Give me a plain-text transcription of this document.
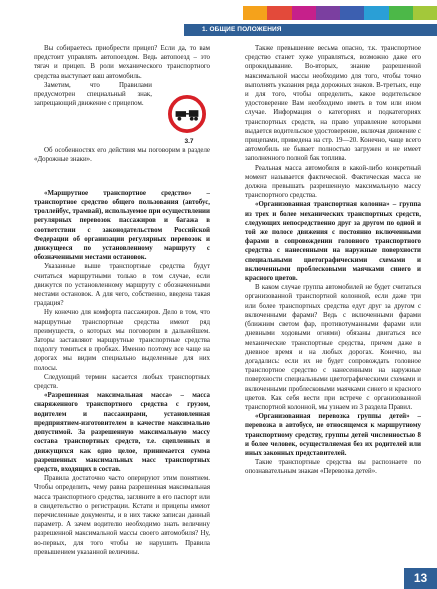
1. ОБЩИЕ ПОЛОЖЕНИЯ

Вы собираетесь приобрести прицеп? Если да, то вам предстоит управлять автопоездом. Ведь автопоезд – это тягач и прицеп. В роли механического транспортного средства выступает ваш автомобиль.

Заметим, что Правилами предусмотрен специальный знак, запрещающий движение с прицепом.

3.7

Об особенностях его действия мы поговорим в разделе «Дорожные знаки».

«Маршрутное транспортное средство» – транспортное средство общего пользования (автобус, троллейбус, трамвай), используемое при осуществлении регулярных перевозок пассажиров и багажа в соответствии с законодательством Российской Федерации об организации регулярных перевозок и движущееся по установленному маршруту с обозначенными местами остановок.

Указанные выше транспортные средства будут считаться маршрутными только в том случае, если движутся по установленному маршруту с обозначенными местами остановок. А для чего, собственно, введена такая градация?

Ну конечно для комфорта пассажиров. Дело в том, что маршрутные транспортные средства имеют ряд преимуществ, о которых мы поговорим в дальнейшем. Заторы заставляют маршрутные транспортные средства подолгу томиться в пробках. Именно поэтому все чаще на дорогах мы видим специально выделенные для них полосы.

Следующий термин касается любых транспортных средств.

«Разрешенная максимальная масса» – масса снаряженного транспортного средства с грузом, водителем и пассажирами, установленная предприятием-изготовителем в качестве максимально допустимой. За разрешенную максимальную массу состава транспортных средств, т.е. сцепленных и движущихся как одно целое, принимается сумма разрешенных максимальных масс транспортных средств, входящих в состав.

Правила достаточно часто оперируют этим понятием. Чтобы определить, чему равна разрешенная максимальная масса транспортного средства, загляните в его паспорт или в свидетельство о регистрации. Кстати и прицепы имеют перечисленные документы, и в них также записан данный параметр. А зачем водителю необходимо знать величину разрешенной максимальной массы своего автомобиля? Ну, во-первых, для того чтобы не нарушить Правила превышением указанной величины.

Также превышение весьма опасно, т.к. транспортное средство станет хуже управляться, возможно даже его опрокидывание. Во-вторых, знание разрешенной максимальной массы необходимо для того, чтобы точно выполнять указания ряда дорожных знаков. В-третьих, еще и для того, чтобы определить, какое водительское удостоверение Вам необходимо иметь в том или ином случае. Информация о категориях и подкатегориях транспортных средств, на право управление которыми выдается водительское удостоверение, включая движение с прицепами, приведена на стр. 19—20. Конечно, чаще всего автомобиль не бывает полностью загружен и не имеет заполненного полной бак топлива.

Реальная масса автомобиля в какой-либо конкретный момент называется фактической. Фактическая масса не должна превышать разрешенную максимальную массу транспортного средства.

«Организованная транспортная колонна» – группа из трех и более механических транспортных средств, следующих непосредственно друг за другом по одной и той же полосе движения с постоянно включенными фарами в сопровождении головного транспортного средства с нанесенными на наружные поверхности специальными цветографическими схемами и включенными проблесковыми маячками синего и красного цветов.

В каком случае группа автомобилей не будет считаться организованной транспортной колонной, если даже три или более транспортных средства едут друг за другом с включенными фарами? Ведь с включенными фарами (ближним светом фар, противотуманными фарами или дневными ходовыми огнями) обязаны двигаться все механические транспортные средства, причем даже в дневное время и на любых дорогах. Конечно, вы догадались: если их не будет сопровождать головное транспортное средство с нанесенными на наружные поверхности специальными цветографическими схемами и включенными проблесковыми маячками синего и красного цветов. Как себя вести при встрече с организованной транспортной колонной, мы узнаем из 3 раздела Правил.

«Организованная перевозка группы детей» – перевозка в автобусе, не относящемся к маршрутному транспортному средству, группы детей численностью 8 и более человек, осуществляемая без их родителей или иных законных представителей.

Такие транспортные средства вы распознаете по опознавательным знакам «Перевозка детей».

13
